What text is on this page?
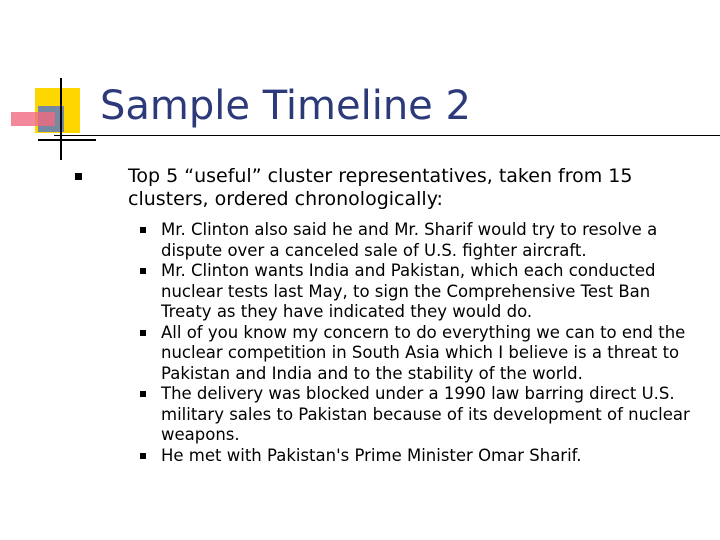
Sample Timeline 2
Top 5 “useful” cluster representatives, taken from 15 clusters, ordered chronologically:
Mr. Clinton also said he and Mr. Sharif would try to resolve a dispute over a canceled sale of U.S. fighter aircraft.
Mr. Clinton wants India and Pakistan, which each conducted nuclear tests last May, to sign the Comprehensive Test Ban Treaty as they have indicated they would do.
All of you know my concern to do everything we can to end the nuclear competition in South Asia which I believe is a threat to Pakistan and India and to the stability of the world.
The delivery was blocked under a 1990 law barring direct U.S. military sales to Pakistan because of its development of nuclear weapons.
He met with Pakistan's Prime Minister Omar Sharif.
